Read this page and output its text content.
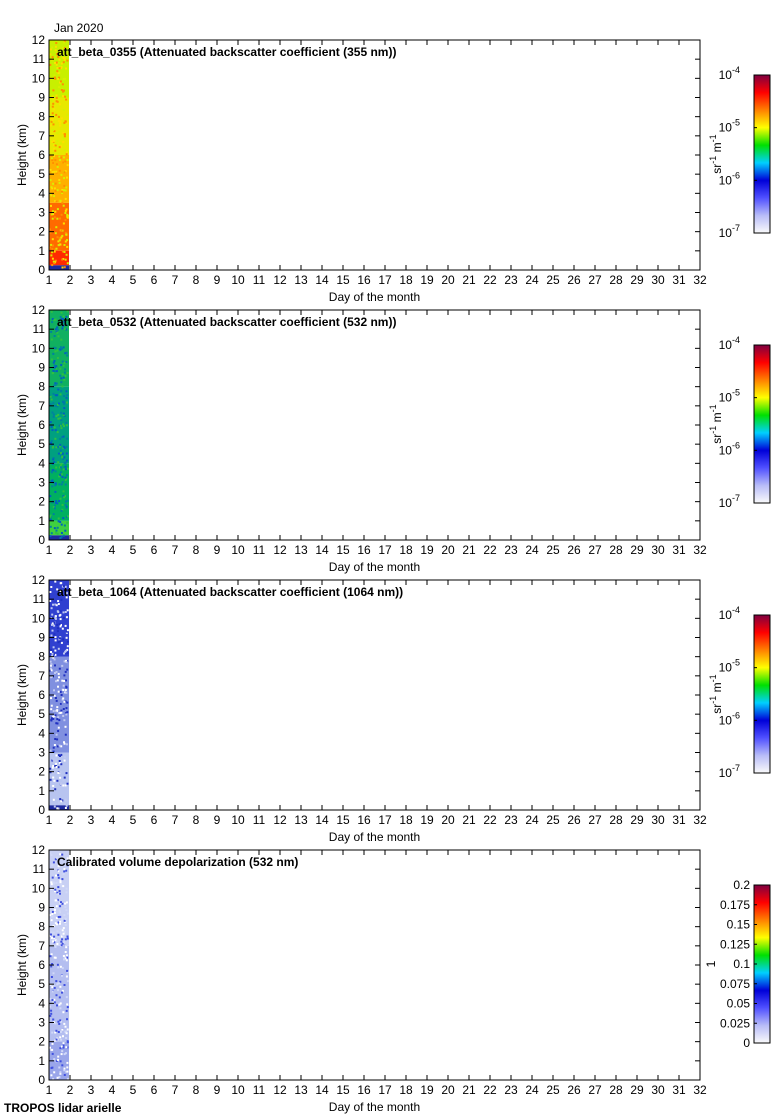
Jan 2020
1 2 3 4 5 6 7 8 9 10 11 12 13 14 15 16 17 18 19 20 21 22 23 24 25 26 27 28 29 30 31 32
0
1
2
3
4
5
6
7
8
9
10
11
12
att_beta_0355 (Attenuated backscatter coefficient (355 nm))
Day of the month
Height (km)
$10^{-4}$
$10^{-5}$
$10^{-6}$
$10^{-7}$
$sr^{-1}$ $m^{-1}$
1 2 3 4 5 6 7 8 9 10 11 12 13 14 15 16 17 18 19 20 21 22 23 24 25 26 27 28 29 30 31 32
0
1
2
3
4
5
6
7
8
9
10
11
12
att_beta_0532 (Attenuated backscatter coefficient (532 nm))
Day of the month
Height (km)
$10^{-4}$
$10^{-5}$
$10^{-6}$
$10^{-7}$
$sr^{-1}$ $m^{-1}$
1 2 3 4 5 6 7 8 9 10 11 12 13 14 15 16 17 18 19 20 21 22 23 24 25 26 27 28 29 30 31 32
0
1
2
3
4
5
6
7
8
9
10
11
12
att_beta_1064 (Attenuated backscatter coefficient (1064 nm))
Day of the month
Height (km)
$10^{-4}$
$10^{-5}$
$10^{-6}$
$10^{-7}$
$sr^{-1}$ $m^{-1}$
1 2 3 4 5 6 7 8 9 10 11 12 13 14 15 16 17 18 19 20 21 22 23 24 25 26 27 28 29 30 31 32
0
1
2
3
4
5
6
7
8
9
10
11
12
Calibrated volume depolarization (532 nm)
Day of the month
Height (km)
0.2
0.175
0.15
0.125
0.1
0.075
0.05
0.025
0
1
TROPOS lidar arielle
